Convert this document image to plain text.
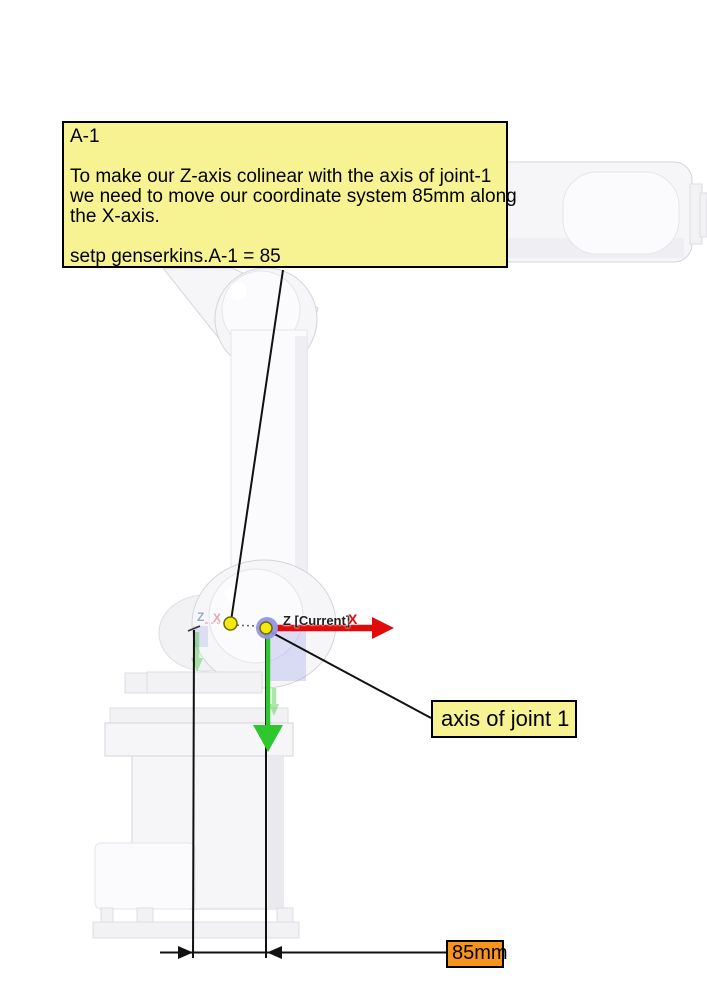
A-1
To make our Z-axis colinear with the axis of joint-1
we need to move our coordinate system 85mm along
the X-axis.
setp genserkins.A-1 = 85
axis of joint 1
85mm
Z [Current]
X
Z X
